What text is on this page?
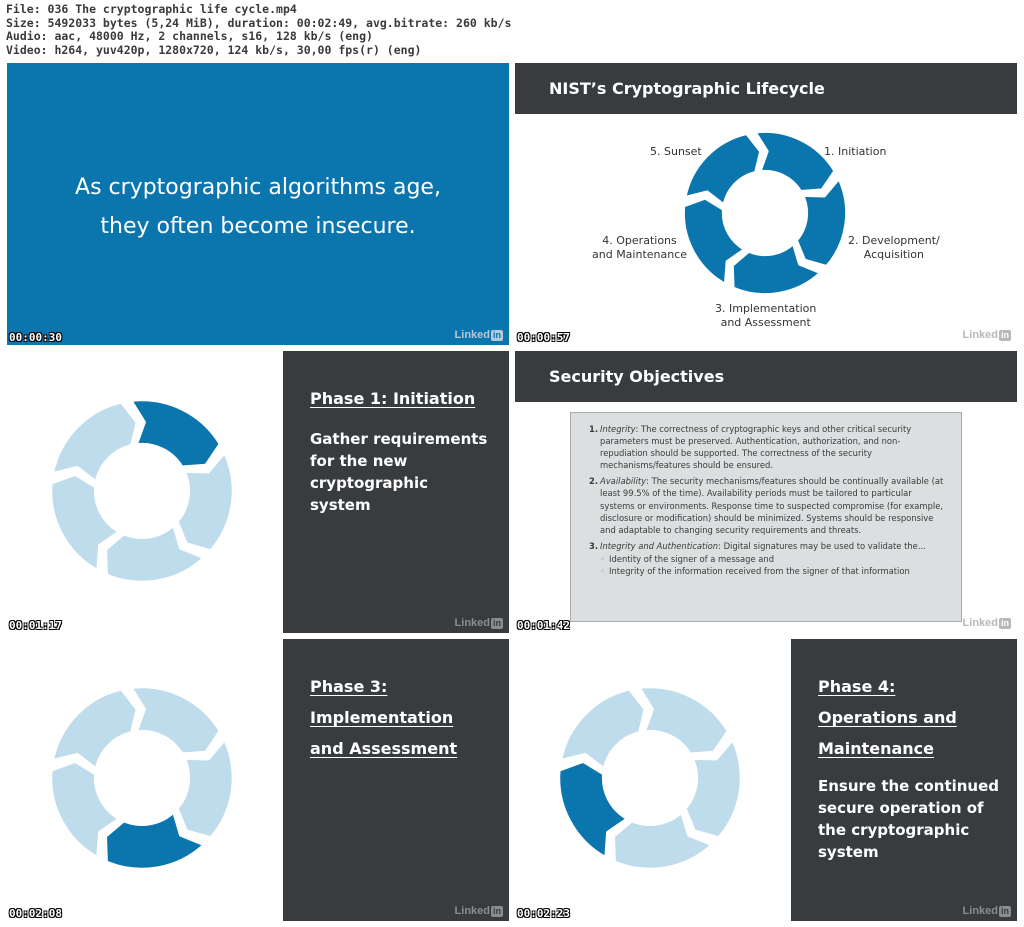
File: 036 The cryptographic life cycle.mp4
Size: 5492033 bytes (5,24 MiB), duration: 00:02:49, avg.bitrate: 260 kb/s
Audio: aac, 48000 Hz, 2 channels, s16, 128 kb/s (eng)
Video: h264, yuv420p, 1280x720, 124 kb/s, 30,00 fps(r) (eng)
As cryptographic algorithms age,
they often become insecure.
Linked in
00:00:30
NIST’s Cryptographic Lifecycle
1. Initiation
2. Development/
Acquisition
3. Implementation
and Assessment
4. Operations
and Maintenance
5. Sunset
Linked in
00:00:57
Phase 1: Initiation
Gather requirements
for the new
cryptographic
system
Linked in
00:01:17
Security Objectives
1. Integrity: The correctness of cryptographic keys and other critical security parameters must be preserved. Authentication, authorization, and non-repudiation should be supported. The correctness of the security mechanisms/features should be ensured.
2. Availability: The security mechanisms/features should be continually available (at least 99.5% of the time). Availability periods must be tailored to particular systems or environments. Response time to suspected compromise (for example, disclosure or modification) should be minimized. Systems should be responsive and adaptable to changing security requirements and threats.
3. Integrity and Authentication: Digital signatures may be used to validate the...
◦ Identity of the signer of a message and
◦ Integrity of the information received from the signer of that information
Linked in
00:01:42
Phase 3:
Implementation
and Assessment
Linked in
00:02:08
Phase 4:
Operations and
Maintenance
Ensure the continued
secure operation of
the cryptographic
system
Linked in
00:02:23
